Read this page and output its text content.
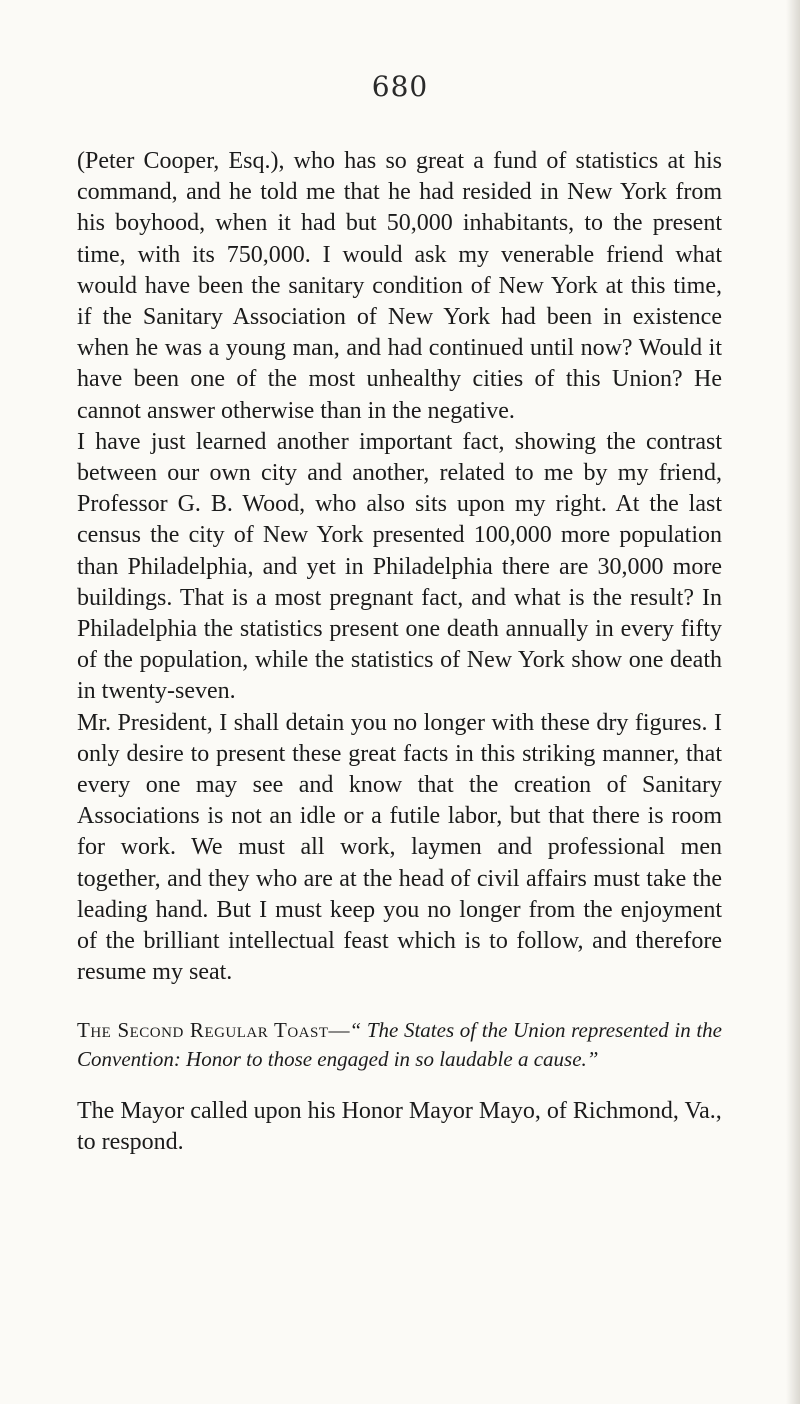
680

(Peter Cooper, Esq.), who has so great a fund of statistics at his command, and he told me that he had resided in New York from his boyhood, when it had but 50,000 inhabitants, to the present time, with its 750,000. I would ask my venerable friend what would have been the sanitary condition of New York at this time, if the Sanitary Association of New York had been in existence when he was a young man, and had continued until now? Would it have been one of the most unhealthy cities of this Union? He cannot answer otherwise than in the negative.

I have just learned another important fact, showing the contrast between our own city and another, related to me by my friend, Professor G. B. Wood, who also sits upon my right. At the last census the city of New York presented 100,000 more population than Philadelphia, and yet in Philadelphia there are 30,000 more buildings. That is a most pregnant fact, and what is the result? In Philadelphia the statistics present one death annually in every fifty of the population, while the statistics of New York show one death in twenty-seven.

Mr. President, I shall detain you no longer with these dry figures. I only desire to present these great facts in this striking manner, that every one may see and know that the creation of Sanitary Associations is not an idle or a futile labor, but that there is room for work. We must all work, laymen and professional men together, and they who are at the head of civil affairs must take the leading hand. But I must keep you no longer from the enjoyment of the brilliant intellectual feast which is to follow, and therefore resume my seat.

The Second Regular Toast—“ The States of the Union represented in the Convention: Honor to those engaged in so laudable a cause.”
The Mayor called upon his Honor Mayor Mayo, of Richmond, Va., to respond.
